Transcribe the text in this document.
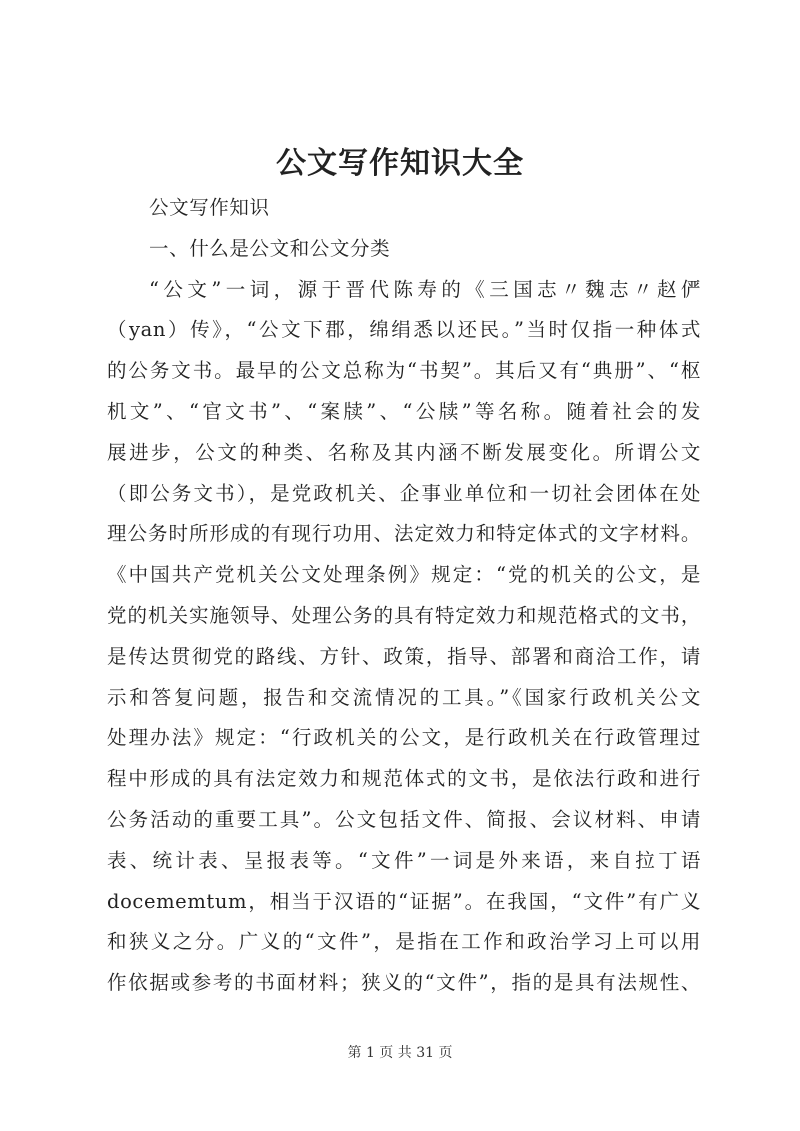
公文写作知识大全
公文写作知识
一、什么是公文和公文分类
“公文”一词，源于晋代陈寿的《三国志〃魏志〃赵俨
（yan）传》，“公文下郡，绵绢悉以还民。”当时仅指一种体式
的公务文书。最早的公文总称为“书契”。其后又有“典册”、“枢
机文”、“官文书”、“案牍”、“公牍”等名称。随着社会的发
展进步，公文的种类、名称及其内涵不断发展变化。所谓公文
（即公务文书），是党政机关、企事业单位和一切社会团体在处
理公务时所形成的有现行功用、法定效力和特定体式的文字材料。
《中国共产党机关公文处理条例》规定：“党的机关的公文，是
党的机关实施领导、处理公务的具有特定效力和规范格式的文书，
是传达贯彻党的路线、方针、政策，指导、部署和商洽工作，请
示和答复问题，报告和交流情况的工具。”《国家行政机关公文
处理办法》规定：“行政机关的公文，是行政机关在行政管理过
程中形成的具有法定效力和规范体式的文书，是依法行政和进行
公务活动的重要工具”。公文包括文件、简报、会议材料、申请
表、统计表、呈报表等。“文件”一词是外来语，来自拉丁语
docememtum，相当于汉语的“证据”。在我国，“文件”有广义
和狭义之分。广义的“文件”，是指在工作和政治学习上可以用
作依据或参考的书面材料；狭义的“文件”，指的是具有法规性、
第 1 页 共 31 页
